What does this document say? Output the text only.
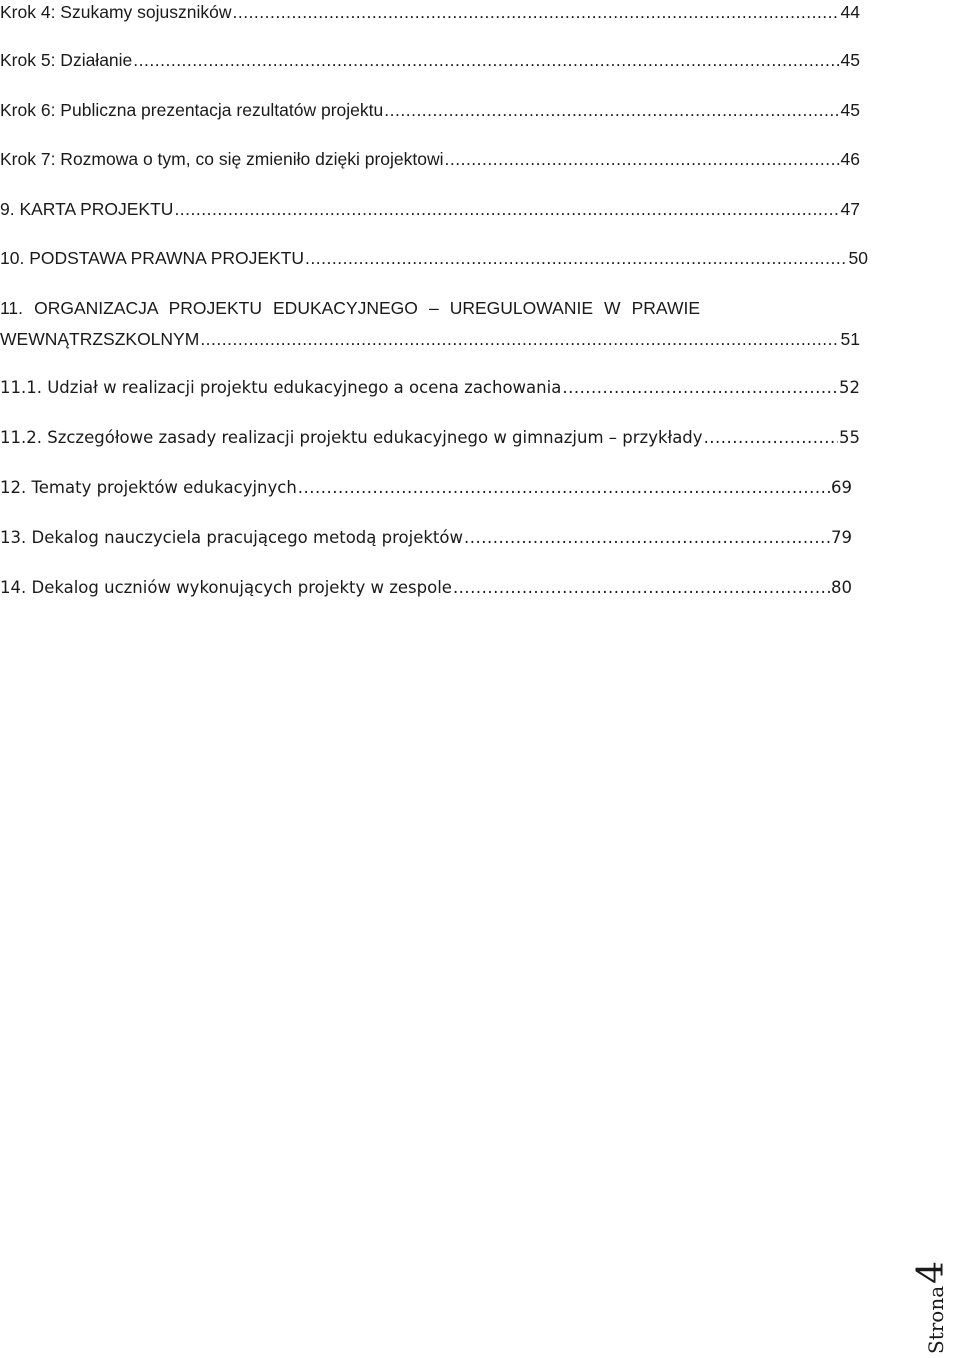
Krok 4: Szukamy sojuszników .....	44
Krok 5: Działanie .....	45
Krok 6: Publiczna prezentacja rezultatów projektu .....	45
Krok 7: Rozmowa o tym, co się zmieniło dzięki projektowi .....	46
9. KARTA PROJEKTU .....	47
10. PODSTAWA PRAWNA PROJEKTU .....	50
11. ORGANIZACJA PROJEKTU EDUKACYJNEGO – UREGULOWANIE W PRAWIE
WEWNĄTRZSZKOLNYM .....	51
11.1. Udział w realizacji projektu edukacyjnego a ocena zachowania .....	52
11.2. Szczegółowe zasady realizacji projektu edukacyjnego w gimnazjum – przykłady .....	55
12. Tematy projektów edukacyjnych .....	69
13. Dekalog nauczyciela pracującego metodą projektów .....	79
14. Dekalog uczniów wykonujących projekty w zespole .....	80
Strona
4
